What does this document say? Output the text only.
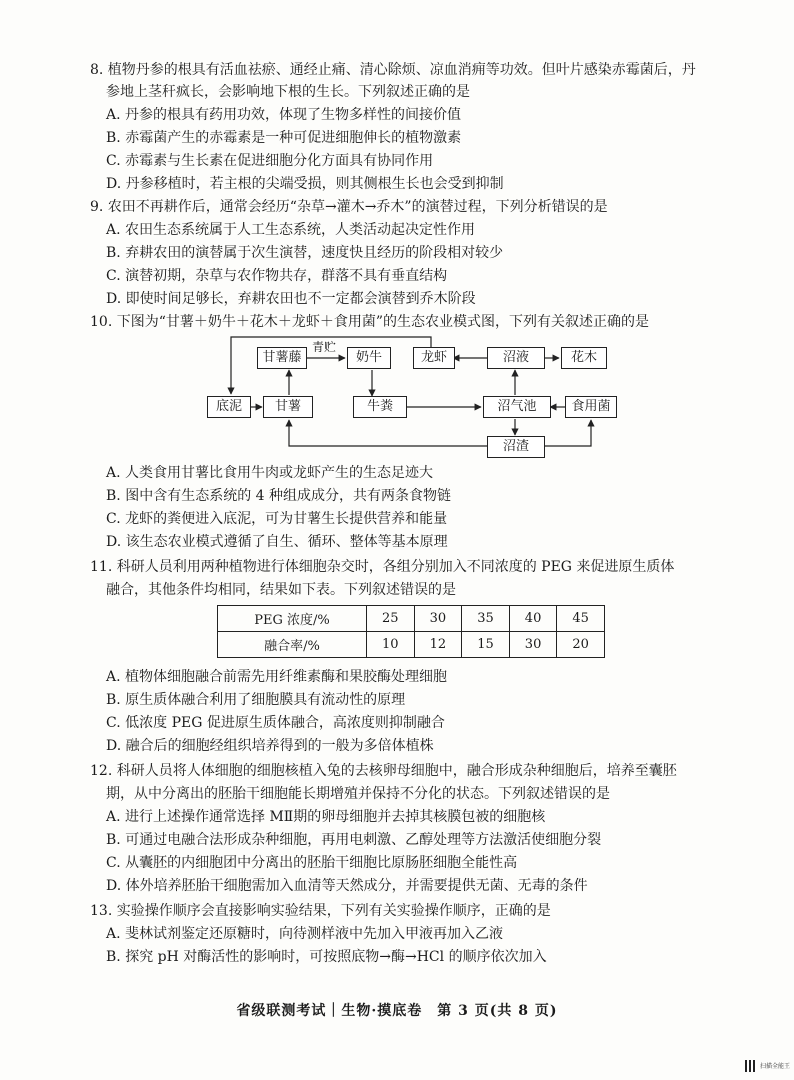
8. 植物丹参的根具有活血祛瘀、通经止痛、清心除烦、凉血消痈等功效。但叶片感染赤霉菌后，丹
参地上茎秆疯长，会影响地下根的生长。下列叙述正确的是
A. 丹参的根具有药用功效，体现了生物多样性的间接价值
B. 赤霉菌产生的赤霉素是一种可促进细胞伸长的植物激素
C. 赤霉素与生长素在促进细胞分化方面具有协同作用
D. 丹参移植时，若主根的尖端受损，则其侧根生长也会受到抑制
9. 农田不再耕作后，通常会经历“杂草→灌木→乔木”的演替过程，下列分析错误的是
A. 农田生态系统属于人工生态系统，人类活动起决定性作用
B. 弃耕农田的演替属于次生演替，速度快且经历的阶段相对较少
C. 演替初期，杂草与农作物共存，群落不具有垂直结构
D. 即使时间足够长，弃耕农田也不一定都会演替到乔木阶段
10. 下图为“甘薯＋奶牛＋花木＋龙虾＋食用菌”的生态农业模式图，下列有关叙述正确的是
甘薯藤
青贮
奶牛	龙虾	沼液	花木
底泥	甘薯	牛粪	沼气池	食用菌
沼渣
A. 人类食用甘薯比食用牛肉或龙虾产生的生态足迹大
B. 图中含有生态系统的 4 种组成成分，共有两条食物链
C. 龙虾的粪便进入底泥，可为甘薯生长提供营养和能量
D. 该生态农业模式遵循了自生、循环、整体等基本原理
11. 科研人员利用两种植物进行体细胞杂交时，各组分别加入不同浓度的 PEG 来促进原生质体
融合，其他条件均相同，结果如下表。下列叙述错误的是
PEG 浓度/%	25	30	35	40	45
融合率/%	10	12	15	30	20
A. 植物体细胞融合前需先用纤维素酶和果胶酶处理细胞
B. 原生质体融合利用了细胞膜具有流动性的原理
C. 低浓度 PEG 促进原生质体融合，高浓度则抑制融合
D. 融合后的细胞经组织培养得到的一般为多倍体植株
12. 科研人员将人体细胞的细胞核植入兔的去核卵母细胞中，融合形成杂种细胞后，培养至囊胚
期，从中分离出的胚胎干细胞能长期增殖并保持不分化的状态。下列叙述错误的是
A. 进行上述操作通常选择 MⅡ期的卵母细胞并去掉其核膜包被的细胞核
B. 可通过电融合法形成杂种细胞，再用电刺激、乙醇处理等方法激活使细胞分裂
C. 从囊胚的内细胞团中分离出的胚胎干细胞比原肠胚细胞全能性高
D. 体外培养胚胎干细胞需加入血清等天然成分，并需要提供无菌、无毒的条件
13. 实验操作顺序会直接影响实验结果，下列有关实验操作顺序，正确的是
A. 斐林试剂鉴定还原糖时，向待测样液中先加入甲液再加入乙液
B. 探究 pH 对酶活性的影响时，可按照底物→酶→HCl 的顺序依次加入
省级联测考试｜生物·摸底卷　第 3 页(共 8 页)
扫描全能王
